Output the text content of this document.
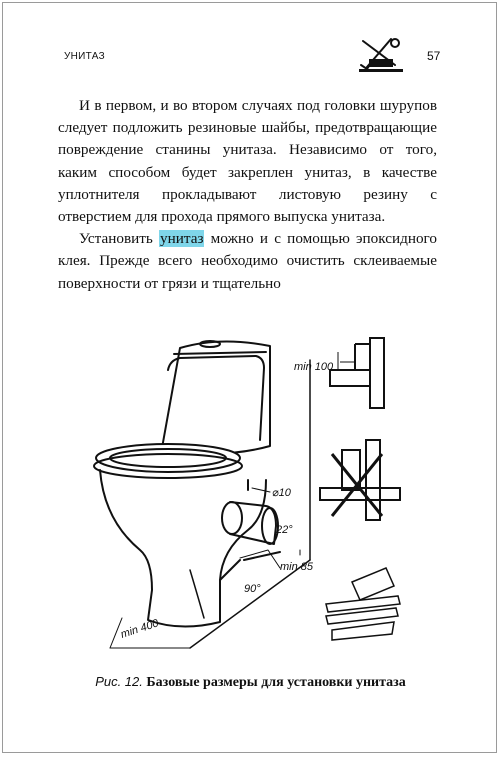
УНИТАЗ	57

И в первом, и во втором случаях под головки шурупов следует подложить резиновые шайбы, предотвращающие повреждение станины унитаза. Независимо от того, каким способом будет закреплен унитаз, в качестве уплотнителя прокладывают листовую резину с отверстием для прохода прямого выпуска унитаза.

Установить унитаз можно и с помощью эпоксидного клея. Прежде всего необходимо очистить склеиваемые поверхности от грязи и тщательно

min 100
⌀10
22°
min 85
90°
min 400
Рис. 12. Базовые размеры для установки унитаза
